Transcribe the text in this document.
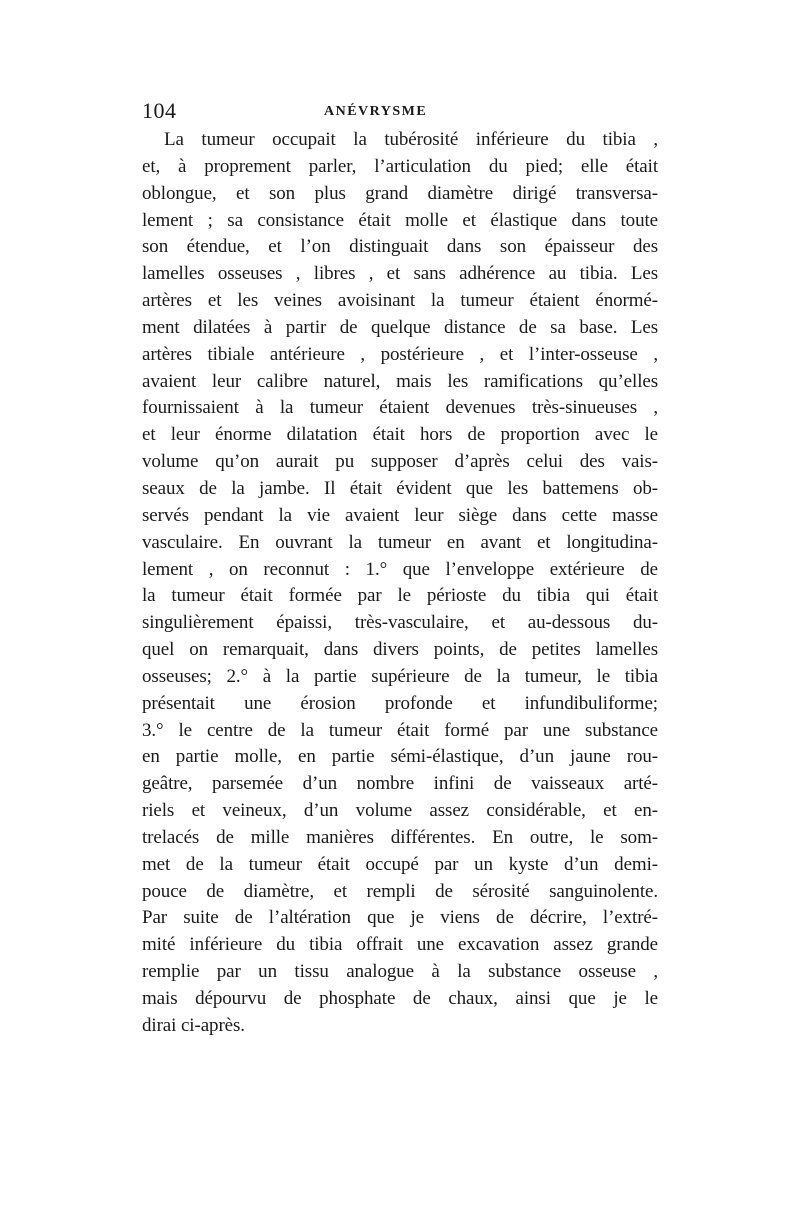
104	ANÉVRYSME
La tumeur occupait la tubérosité inférieure du tibia ,
et, à proprement parler, l’articulation du pied; elle était
oblongue, et son plus grand diamètre dirigé transversa-
lement ; sa consistance était molle et élastique dans toute
son étendue, et l’on distinguait dans son épaisseur des
lamelles osseuses , libres , et sans adhérence au tibia. Les
artères et les veines avoisinant la tumeur étaient énormé-
ment dilatées à partir de quelque distance de sa base. Les
artères tibiale antérieure , postérieure , et l’inter-osseuse ,
avaient leur calibre naturel, mais les ramifications qu’elles
fournissaient à la tumeur étaient devenues très-sinueuses ,
et leur énorme dilatation était hors de proportion avec le
volume qu’on aurait pu supposer d’après celui des vais-
seaux de la jambe. Il était évident que les battemens ob-
servés pendant la vie avaient leur siège dans cette masse
vasculaire. En ouvrant la tumeur en avant et longitudina-
lement , on reconnut : 1.° que l’enveloppe extérieure de
la tumeur était formée par le périoste du tibia qui était
singulièrement épaissi, très-vasculaire, et au-dessous du-
quel on remarquait, dans divers points, de petites lamelles
osseuses; 2.° à la partie supérieure de la tumeur, le tibia
présentait une érosion profonde et infundibuliforme;
3.° le centre de la tumeur était formé par une substance
en partie molle, en partie sémi-élastique, d’un jaune rou-
geâtre, parsemée d’un nombre infini de vaisseaux arté-
riels et veineux, d’un volume assez considérable, et en-
trelacés de mille manières différentes. En outre, le som-
met de la tumeur était occupé par un kyste d’un demi-
pouce de diamètre, et rempli de sérosité sanguinolente.
Par suite de l’altération que je viens de décrire, l’extré-
mité inférieure du tibia offrait une excavation assez grande
remplie par un tissu analogue à la substance osseuse ,
mais dépourvu de phosphate de chaux, ainsi que je le
dirai ci-après.
